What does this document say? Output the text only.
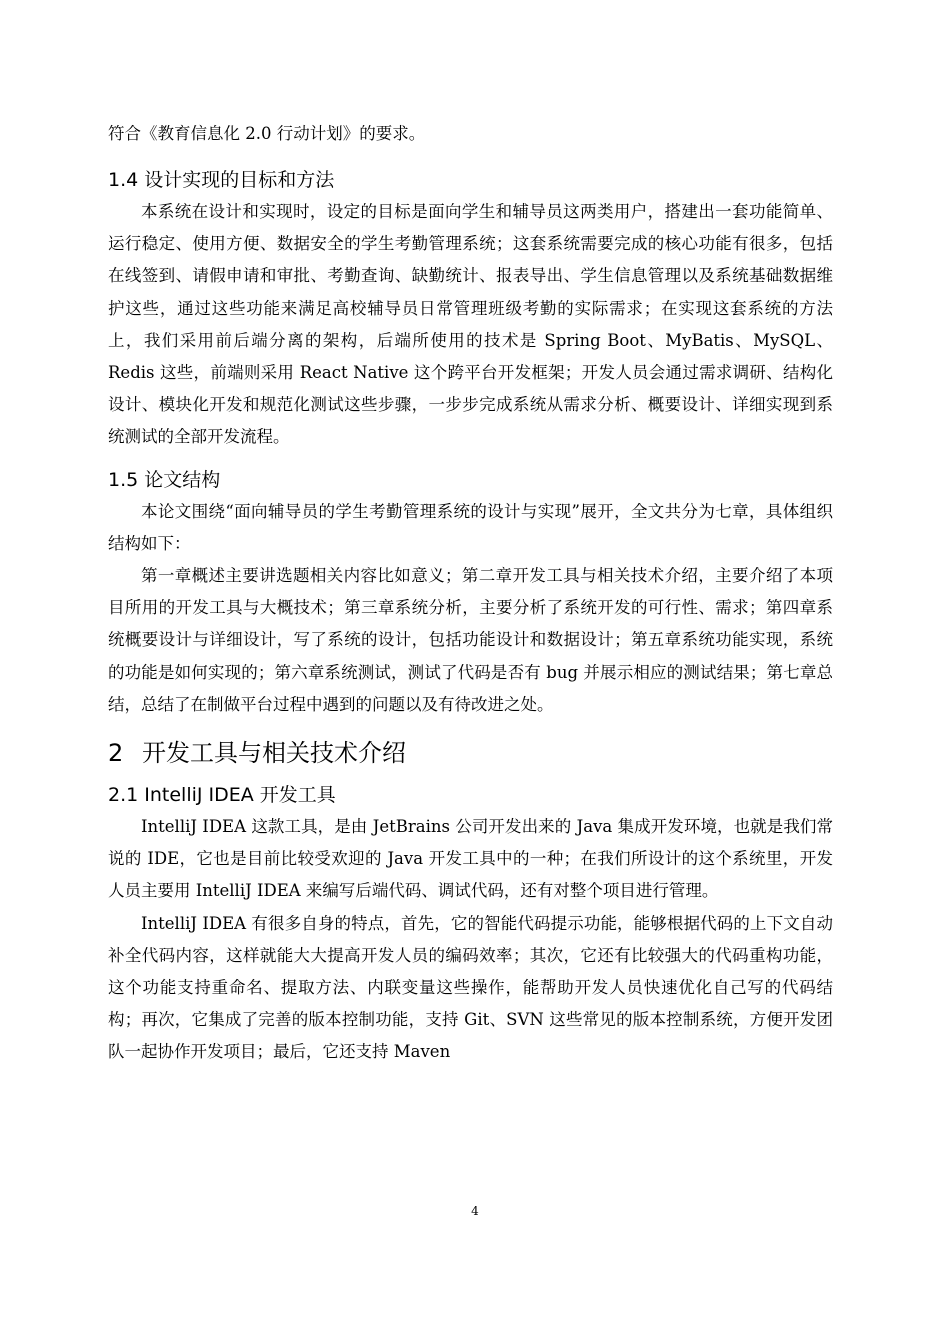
符合《教育信息化 2.0 行动计划》的要求。

1.4 设计实现的目标和方法

本系统在设计和实现时，设定的目标是面向学生和辅导员这两类用户，搭建出一套功能简单、运行稳定、使用方便、数据安全的学生考勤管理系统；这套系统需要完成的核心功能有很多，包括在线签到、请假申请和审批、考勤查询、缺勤统计、报表导出、学生信息管理以及系统基础数据维护这些，通过这些功能来满足高校辅导员日常管理班级考勤的实际需求；在实现这套系统的方法上，我们采用前后端分离的架构，后端所使用的技术是 Spring Boot、MyBatis、MySQL、Redis 这些，前端则采用 React Native 这个跨平台开发框架；开发人员会通过需求调研、结构化设计、模块化开发和规范化测试这些步骤，一步步完成系统从需求分析、概要设计、详细实现到系统测试的全部开发流程。

1.5 论文结构

本论文围绕“面向辅导员的学生考勤管理系统的设计与实现”展开，全文共分为七章，具体组织结构如下：

第一章概述主要讲选题相关内容比如意义；第二章开发工具与相关技术介绍，主要介绍了本项目所用的开发工具与大概技术；第三章系统分析，主要分析了系统开发的可行性、需求；第四章系统概要设计与详细设计，写了系统的设计，包括功能设计和数据设计；第五章系统功能实现，系统的功能是如何实现的；第六章系统测试，测试了代码是否有 bug 并展示相应的测试结果；第七章总结，总结了在制做平台过程中遇到的问题以及有待改进之处。

2 开发工具与相关技术介绍
2.1 IntelliJ IDEA 开发工具

IntelliJ IDEA 这款工具，是由 JetBrains 公司开发出来的 Java 集成开发环境，也就是我们常说的 IDE，它也是目前比较受欢迎的 Java 开发工具中的一种；在我们所设计的这个系统里，开发人员主要用 IntelliJ IDEA 来编写后端代码、调试代码，还有对整个项目进行管理。

IntelliJ IDEA 有很多自身的特点，首先，它的智能代码提示功能，能够根据代码的上下文自动补全代码内容，这样就能大大提高开发人员的编码效率；其次，它还有比较强大的代码重构功能，这个功能支持重命名、提取方法、内联变量这些操作，能帮助开发人员快速优化自己写的代码结构；再次，它集成了完善的版本控制功能，支持 Git、SVN 这些常见的版本控制系统，方便开发团队一起协作开发项目；最后，它还支持 Maven

4
